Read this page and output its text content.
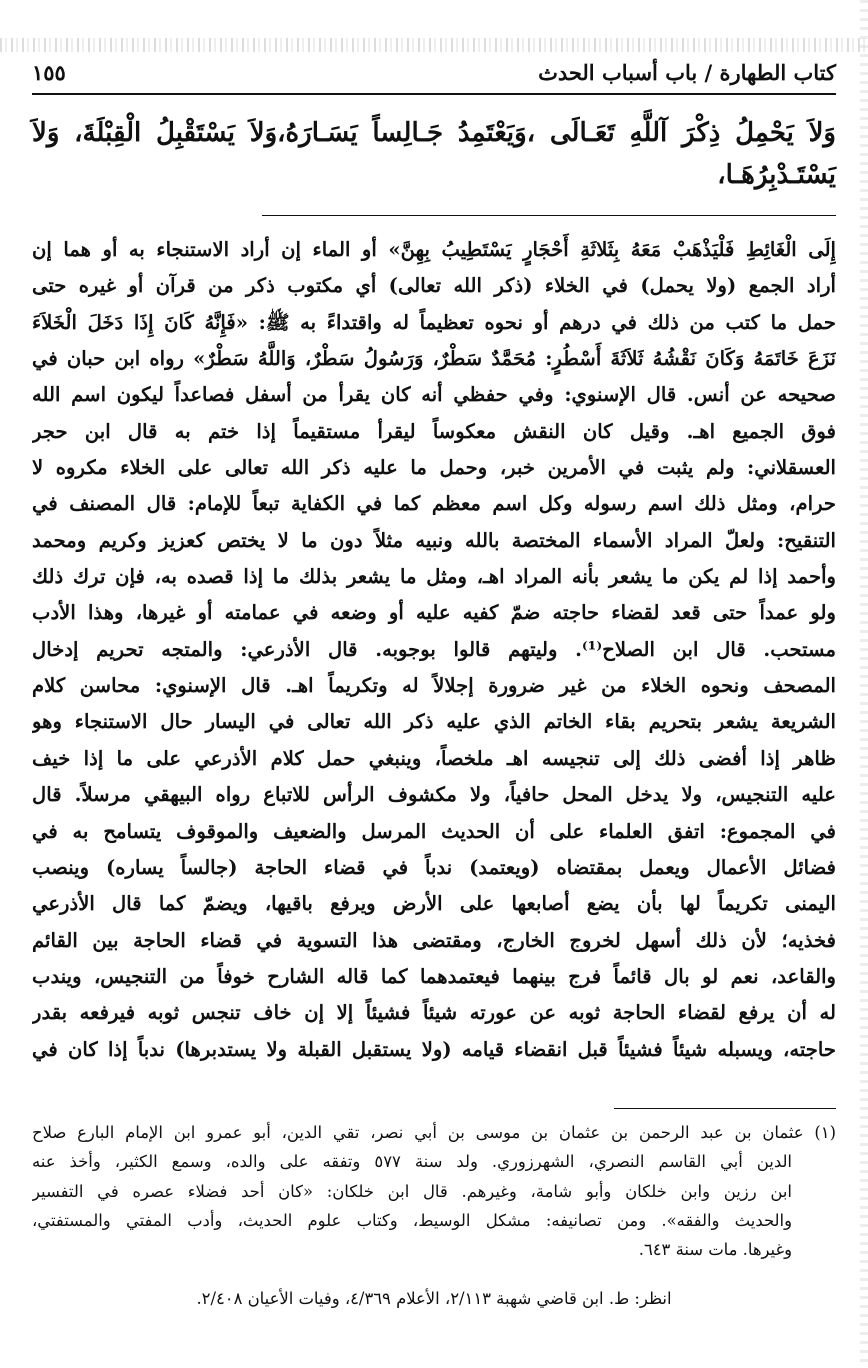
كتاب الطهارة / باب أسباب الحدث
١٥٥
وَلاَ يَحْمِلُ ذِكْرَ آللَّهِ تَعَـالَى ،وَيَعْتَمِدُ جَـالِساً يَسَـارَهُ،وَلاَ يَسْتَقْبِلُ الْقِبْلَةَ، وَلاَ يَسْتَـدْبِرُهَـا،
إِلَى الْغَائِطِ فَلْيَذْهَبْ مَعَهُ بِثَلاثَةِ أَحْجَارٍ يَسْتَطِيبُ بِهِنَّ» أو الماء إن أراد الاستنجاء به أو هما إن
أراد الجمع (ولا يحمل) في الخلاء (ذكر الله تعالى) أي مكتوب ذكر من قرآن أو غيره حتى
حمل ما كتب من ذلك في درهم أو نحوه تعظيماً له واقتداءً به ﷺ: «فَإِنَّهُ كَانَ إِذَا دَخَلَ الْخَلاَءَ
نَزَعَ خَاتَمَهُ وَكَانَ نَقْشُهُ ثَلاَثَةَ أَسْطُرٍ: مُحَمَّدٌ سَطْرٌ، وَرَسُولُ سَطْرٌ، وَاللَّهُ سَطْرٌ» رواه ابن حبان في
صحيحه عن أنس. قال الإسنوي: وفي حفظي أنه كان يقرأ من أسفل فصاعداً ليكون اسم الله
فوق الجميع اهـ. وقيل كان النقش معكوساً ليقرأ مستقيماً إذا ختم به قال ابن حجر
العسقلاني: ولم يثبت في الأمرين خبر، وحمل ما عليه ذكر الله تعالى على الخلاء مكروه لا
حرام، ومثل ذلك اسم رسوله وكل اسم معظم كما في الكفاية تبعاً للإمام: قال المصنف في
التنقيح: ولعلّ المراد الأسماء المختصة بالله ونبيه مثلاً دون ما لا يختص كعزيز وكريم ومحمد
وأحمد إذا لم يكن ما يشعر بأنه المراد اهـ، ومثل ما يشعر بذلك ما إذا قصده به، فإن ترك ذلك
ولو عمداً حتى قعد لقضاء حاجته ضمّ كفيه عليه أو وضعه في عمامته أو غيرها، وهذا الأدب
مستحب. قال ابن الصلاح⁽¹⁾. وليتهم قالوا بوجوبه. قال الأذرعي: والمتجه تحريم إدخال
المصحف ونحوه الخلاء من غير ضرورة إجلالاً له وتكريماً اهـ. قال الإسنوي: محاسن كلام
الشريعة يشعر بتحريم بقاء الخاتم الذي عليه ذكر الله تعالى في اليسار حال الاستنجاء وهو
ظاهر إذا أفضى ذلك إلى تنجيسه اهـ ملخصاً، وينبغي حمل كلام الأذرعي على ما إذا خيف
عليه التنجيس، ولا يدخل المحل حافياً، ولا مكشوف الرأس للاتباع رواه البيهقي مرسلاً. قال
في المجموع: اتفق العلماء على أن الحديث المرسل والضعيف والموقوف يتسامح به في
فضائل الأعمال ويعمل بمقتضاه (ويعتمد) ندباً في قضاء الحاجة (جالساً يساره) وينصب
اليمنى تكريماً لها بأن يضع أصابعها على الأرض ويرفع باقيها، ويضمّ كما قال الأذرعي
فخذيه؛ لأن ذلك أسهل لخروج الخارج، ومقتضى هذا التسوية في قضاء الحاجة بين القائم
والقاعد، نعم لو بال قائماً فرج بينهما فيعتمدهما كما قاله الشارح خوفاً من التنجيس، ويندب
له أن يرفع لقضاء الحاجة ثوبه عن عورته شيئاً فشيئاً إلا إن خاف تنجس ثوبه فيرفعه بقدر
حاجته، ويسبله شيئاً فشيئاً قبل انقضاء قيامه (ولا يستقبل القبلة ولا يستدبرها) ندباً إذا كان في
(١) عثمان بن عبد الرحمن بن عثمان بن موسى بن أبي نصر، تقي الدين، أبو عمرو ابن الإمام البارع صلاح
الدين أبي القاسم النصري، الشهرزوري. ولد سنة ٥٧٧ وتفقه على والده، وسمع الكثير، وأخذ عنه
ابن رزين وابن خلكان وأبو شامة، وغيرهم. قال ابن خلكان: «كان أحد فضلاء عصره في التفسير
والحديث والفقه». ومن تصانيفه: مشكل الوسيط، وكتاب علوم الحديث، وأدب المفتي والمستفتي،
وغيرها. مات سنة ٦٤٣.
انظر: ط. ابن قاضي شهبة ٢/١١٣، الأعلام ٤/٣٦٩، وفيات الأعيان ٢/٤٠٨.
